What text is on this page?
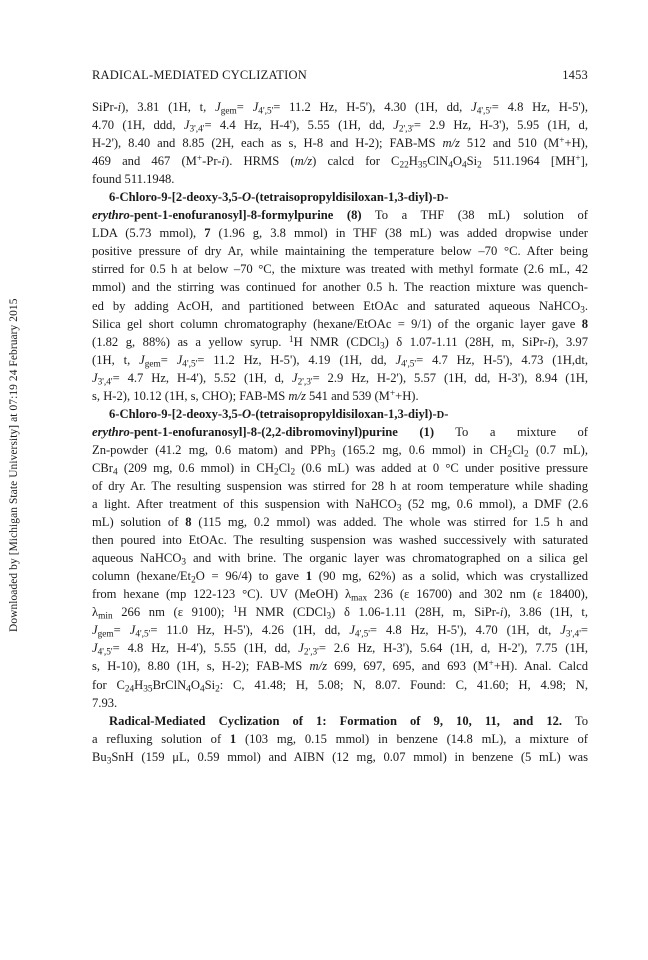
RADICAL-MEDIATED CYCLIZATION	1453
Downloaded by [Michigan State University] at 07:19 24 February 2015
SiPr-i), 3.81 (1H, t, $J_{gem}= J_{4',5'}= 11.2$ Hz, H-5'), 4.30 (1H, dd, $J_{4',5'}= 4.8$ Hz, H-5'),
4.70 (1H, ddd, $J_{3',4'}= 4.4$ Hz, H-4'), 5.55 (1H, dd, $J_{2',3'}= 2.9$ Hz, H-3'), 5.95 (1H, d,
H-2'), 8.40 and 8.85 (2H, each as s, H-8 and H-2); FAB-MS m/z 512 and 510 (M++H),
469 and 467 (M+-Pr-i). HRMS (m/z) calcd for $C_{22}H_{35}ClN_4O_4Si_2$ 511.1964 [MH+],
found 511.1948.
6-Chloro-9-[2-deoxy-3,5-O-(tetraisopropyldisiloxan-1,3-diyl)-D-
erythro-pent-1-enofuranosyl]-8-formylpurine (8) To a THF (38 mL) solution of
LDA (5.73 mmol), 7 (1.96 g, 3.8 mmol) in THF (38 mL) was added dropwise under
positive pressure of dry Ar, while maintaining the temperature below –70 °C. After being
stirred for 0.5 h at below –70 °C, the mixture was treated with methyl formate (2.6 mL, 42
mmol) and the stirring was continued for another 0.5 h. The reaction mixture was quench-
ed by adding AcOH, and partitioned between EtOAc and saturated aqueous NaHCO$_3$.
Silica gel short column chromatography (hexane/EtOAc = 9/1) of the organic layer gave 8
(1.82 g, 88%) as a yellow syrup. $^1$H NMR (CDCl$_3$) δ 1.07-1.11 (28H, m, SiPr-i), 3.97
(1H, t, $J_{gem}= J_{4',5'}= 11.2$ Hz, H-5'), 4.19 (1H, dd, $J_{4',5'}= 4.7$ Hz, H-5'), 4.73 (1H,dt,
$J_{3',4'}= 4.7$ Hz, H-4'), 5.52 (1H, d, $J_{2',3'}= 2.9$ Hz, H-2'), 5.57 (1H, dd, H-3'), 8.94 (1H,
s, H-2), 10.12 (1H, s, CHO); FAB-MS m/z 541 and 539 (M++H).
6-Chloro-9-[2-deoxy-3,5-O-(tetraisopropyldisiloxan-1,3-diyl)-D-
erythro-pent-1-enofuranosyl]-8-(2,2-dibromovinyl)purine (1) To a mixture of
Zn-powder (41.2 mg, 0.6 matom) and PPh$_3$ (165.2 mg, 0.6 mmol) in $CH_2Cl_2$ (0.7 mL),
CBr$_4$ (209 mg, 0.6 mmol) in $CH_2Cl_2$ (0.6 mL) was added at 0 °C under positive pressure
of dry Ar. The resulting suspension was stirred for 28 h at room temperature while shading
a light. After treatment of this suspension with NaHCO$_3$ (52 mg, 0.6 mmol), a DMF (2.6
mL) solution of 8 (115 mg, 0.2 mmol) was added. The whole was stirred for 1.5 h and
then poured into EtOAc. The resulting suspension was washed successively with saturated
aqueous NaHCO$_3$ and with brine. The organic layer was chromatographed on a silica gel
column $(hexane/Et_2O = 96/4)$ to gave 1 (90 mg, 62%) as a solid, which was crystallized
from hexane (mp 122-123 °C). UV (MeOH) $\lambda_{max}$ 236 (ε 16700) and 302 nm (ε 18400),
$\lambda_{min}$ 266 nm (ε 9100); $^1$H NMR (CDCl$_3$) δ 1.06-1.11 (28H, m, SiPr-i), 3.86 (1H, t,
$J_{gem}= J_{4',5'}= 11.0$ Hz, H-5'), 4.26 (1H, dd, $J_{4',5'}= 4.8$ Hz, H-5'), 4.70 (1H, dt, $J_{3',4'}=$
$J_{4',5'}= 4.8$ Hz, H-4'), 5.55 (1H, dd, $J_{2',3'}= 2.6$ Hz, H-3'), 5.64 (1H, d, H-2'), 7.75 (1H,
s, H-10), 8.80 (1H, s, H-2); FAB-MS m/z 699, 697, 695, and 693 (M++H). Anal. Calcd
for $C_{24}H_{35}BrClN_4O_4Si_2$: C, 41.48; H, 5.08; N, 8.07. Found: C, 41.60; H, 4.98; N,
7.93.
Radical-Mediated Cyclization of 1: Formation of 9, 10, 11, and 12. To
a refluxing solution of 1 (103 mg, 0.15 mmol) in benzene (14.8 mL), a mixture of
$Bu_3SnH$ (159 μL, 0.59 mmol) and AIBN (12 mg, 0.07 mmol) in benzene (5 mL) was
